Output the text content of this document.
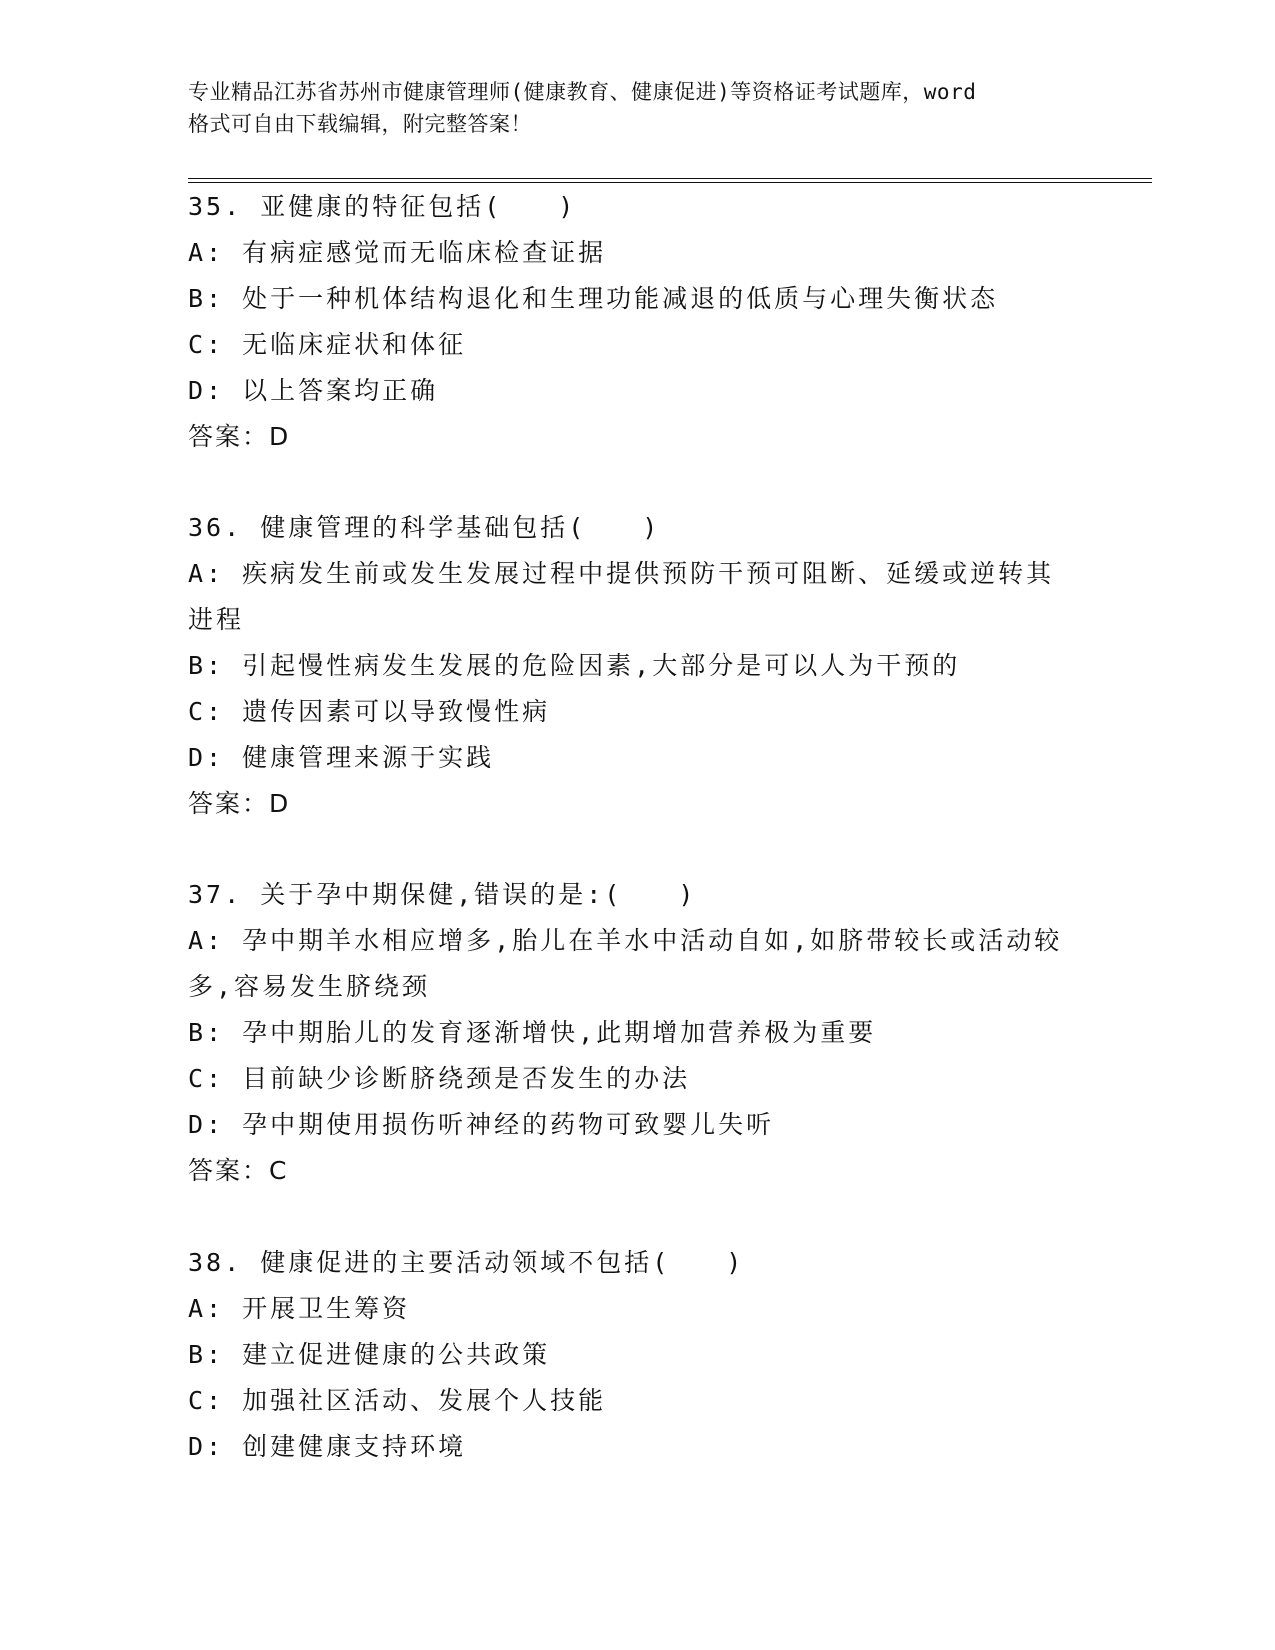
专业精品江苏省苏州市健康管理师(健康教育、健康促进)等资格证考试题库，word

格式可自由下载编辑，附完整答案！

35. 亚健康的特征包括(　　)
A: 有病症感觉而无临床检查证据
B: 处于一种机体结构退化和生理功能减退的低质与心理失衡状态
C: 无临床症状和体征
D: 以上答案均正确
答案：D
36. 健康管理的科学基础包括(　　)
A: 疾病发生前或发生发展过程中提供预防干预可阻断、延缓或逆转其
进程
B: 引起慢性病发生发展的危险因素,大部分是可以人为干预的
C: 遗传因素可以导致慢性病
D: 健康管理来源于实践
答案：D
37. 关于孕中期保健,错误的是:(　　)
A: 孕中期羊水相应增多,胎儿在羊水中活动自如,如脐带较长或活动较
多,容易发生脐绕颈
B: 孕中期胎儿的发育逐渐增快,此期增加营养极为重要
C: 目前缺少诊断脐绕颈是否发生的办法
D: 孕中期使用损伤听神经的药物可致婴儿失听
答案：C
38. 健康促进的主要活动领域不包括(　　)
A: 开展卫生筹资
B: 建立促进健康的公共政策
C: 加强社区活动、发展个人技能
D: 创建健康支持环境
